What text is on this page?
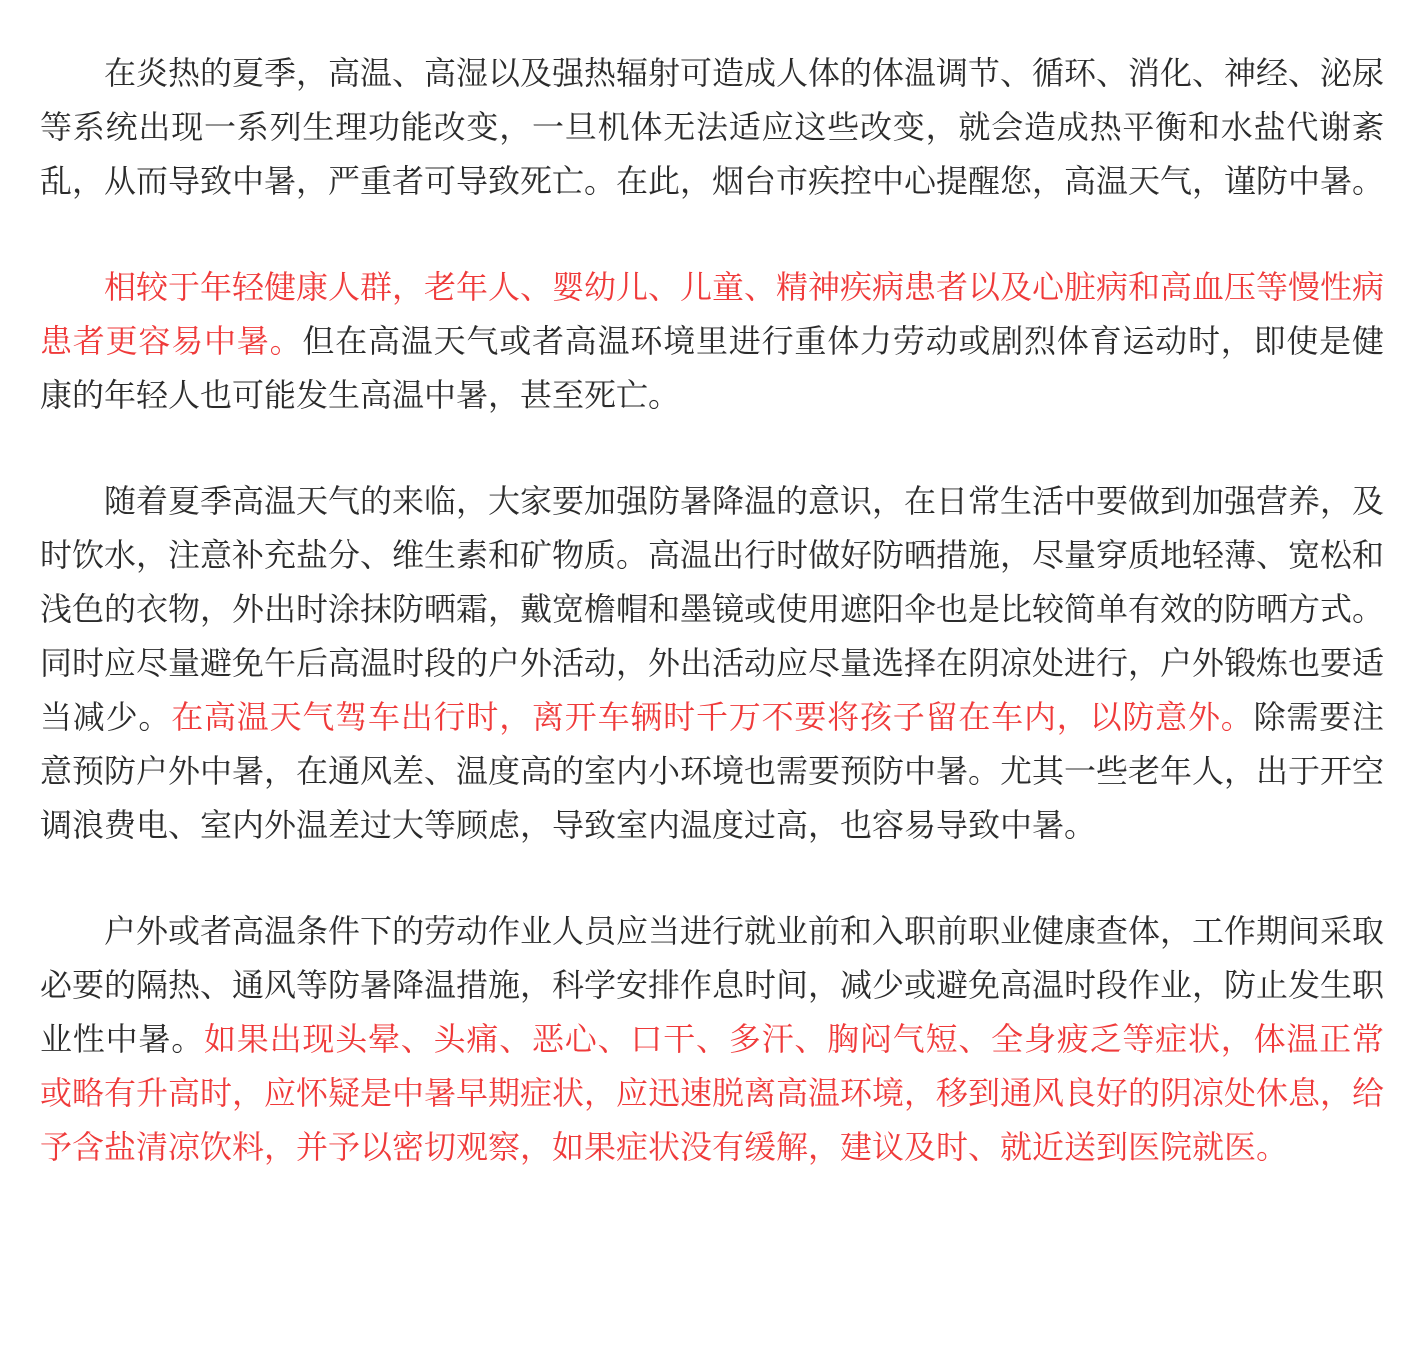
在炎热的夏季，高温、高湿以及强热辐射可造成人体的体温调节、循环、消化、神经、泌尿等系统出现一系列生理功能改变，一旦机体无法适应这些改变，就会造成热平衡和水盐代谢紊乱，从而导致中暑，严重者可导致死亡。在此，烟台市疾控中心提醒您，高温天气，谨防中暑。

相较于年轻健康人群，老年人、婴幼儿、儿童、精神疾病患者以及心脏病和高血压等慢性病患者更容易中暑。但在高温天气或者高温环境里进行重体力劳动或剧烈体育运动时，即使是健康的年轻人也可能发生高温中暑，甚至死亡。

随着夏季高温天气的来临，大家要加强防暑降温的意识，在日常生活中要做到加强营养，及时饮水，注意补充盐分、维生素和矿物质。高温出行时做好防晒措施，尽量穿质地轻薄、宽松和浅色的衣物，外出时涂抹防晒霜，戴宽檐帽和墨镜或使用遮阳伞也是比较简单有效的防晒方式。同时应尽量避免午后高温时段的户外活动，外出活动应尽量选择在阴凉处进行，户外锻炼也要适当减少。在高温天气驾车出行时，离开车辆时千万不要将孩子留在车内，以防意外。除需要注意预防户外中暑，在通风差、温度高的室内小环境也需要预防中暑。尤其一些老年人，出于开空调浪费电、室内外温差过大等顾虑，导致室内温度过高，也容易导致中暑。

户外或者高温条件下的劳动作业人员应当进行就业前和入职前职业健康查体，工作期间采取必要的隔热、通风等防暑降温措施，科学安排作息时间，减少或避免高温时段作业，防止发生职业性中暑。如果出现头晕、头痛、恶心、口干、多汗、胸闷气短、全身疲乏等症状，体温正常或略有升高时，应怀疑是中暑早期症状，应迅速脱离高温环境，移到通风良好的阴凉处休息，给予含盐清凉饮料，并予以密切观察，如果症状没有缓解，建议及时、就近送到医院就医。
